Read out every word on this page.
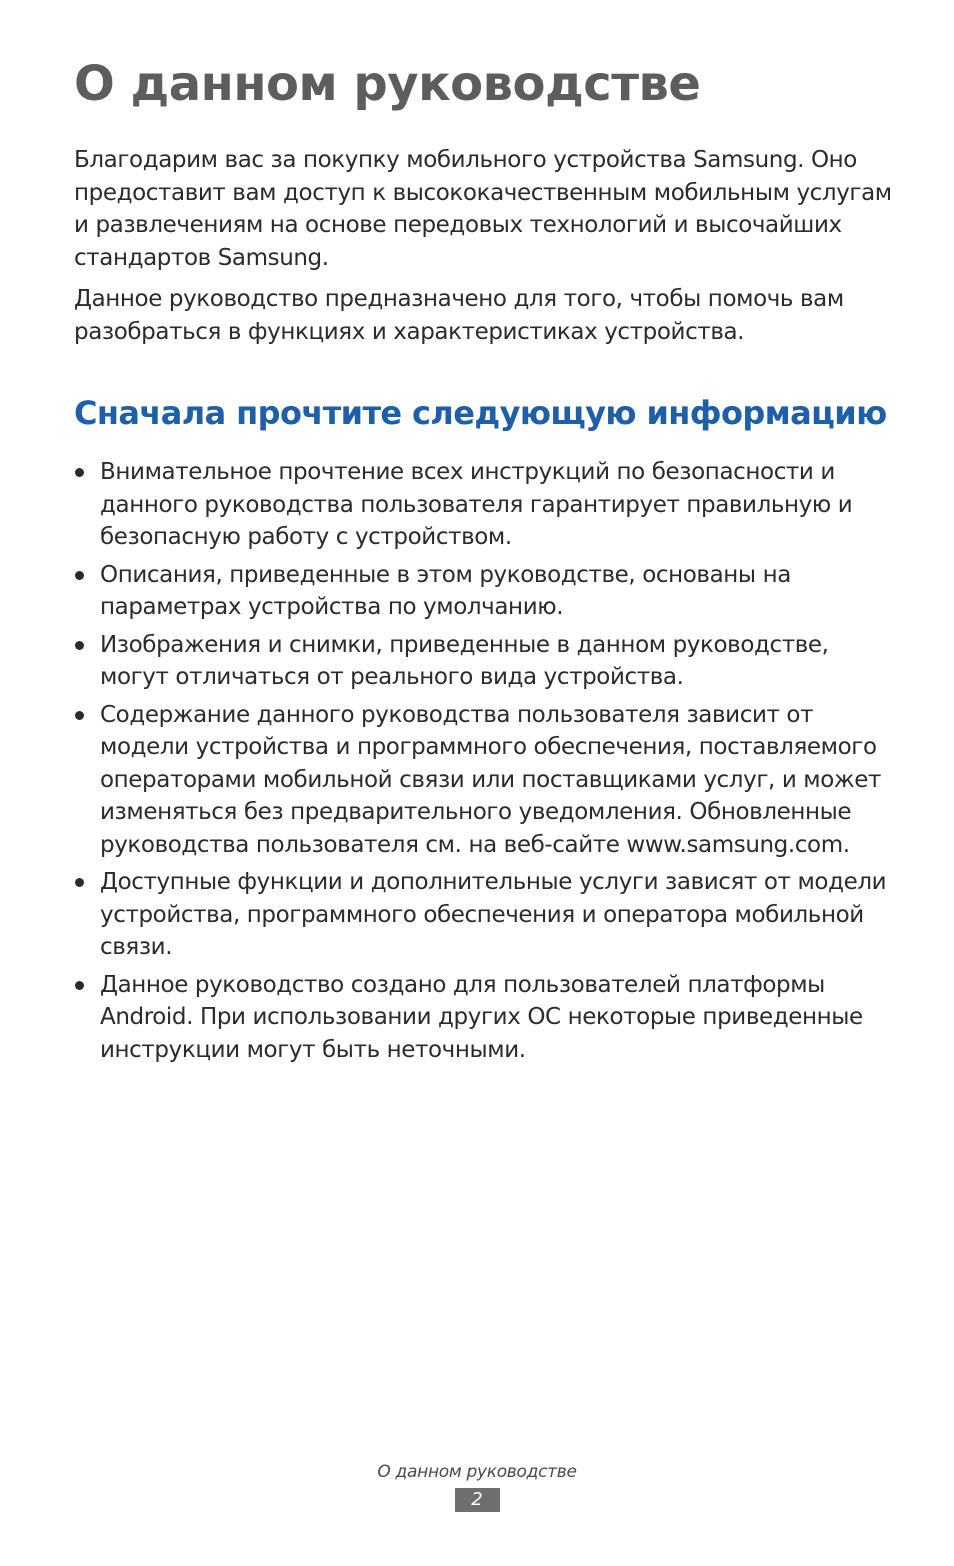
О данном руководстве

Благодарим вас за покупку мобильного устройства Samsung. Оно предоставит вам доступ к высококачественным мобильным услугам и развлечениям на основе передовых технологий и высочайших стандартов Samsung.

Данное руководство предназначено для того, чтобы помочь вам разобраться в функциях и характеристиках устройства.

Сначала прочтите следующую информацию
Внимательное прочтение всех инструкций по безопасности и данного руководства пользователя гарантирует правильную и безопасную работу с устройством.
Описания, приведенные в этом руководстве, основаны на параметрах устройства по умолчанию.
Изображения и снимки, приведенные в данном руководстве, могут отличаться от реального вида устройства.
Содержание данного руководства пользователя зависит от модели устройства и программного обеспечения, поставляемого операторами мобильной связи или поставщиками услуг, и может изменяться без предварительного уведомления. Обновленные руководства пользователя см. на веб-сайте www.samsung.com.
Доступные функции и дополнительные услуги зависят от модели устройства, программного обеспечения и оператора мобильной связи.
Данное руководство создано для пользователей платформы Android. При использовании других ОС некоторые приведенные инструкции могут быть неточными.
О данном руководстве
2
